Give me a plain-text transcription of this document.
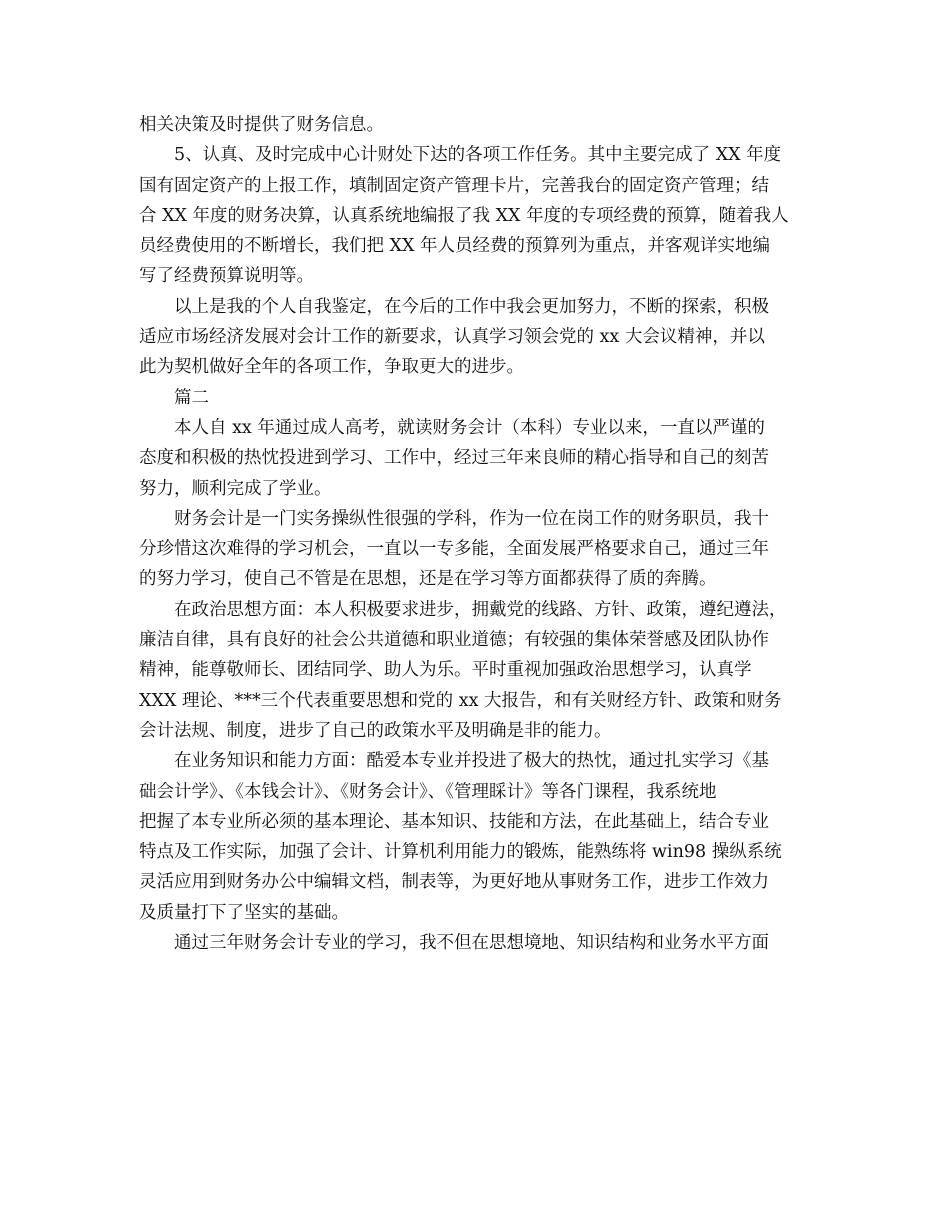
相关决策及时提供了财务信息。

5、认真、及时完成中心计财处下达的各项工作任务。其中主要完成了 XX 年度
国有固定资产的上报工作，填制固定资产管理卡片，完善我台的固定资产管理；结
合 XX 年度的财务决算，认真系统地编报了我 XX 年度的专项经费的预算，随着我人
员经费使用的不断增长，我们把 XX 年人员经费的预算列为重点，并客观详实地编
写了经费预算说明等。

以上是我的个人自我鉴定，在今后的工作中我会更加努力，不断的探索，积极
适应市场经济发展对会计工作的新要求，认真学习领会党的 xx 大会议精神，并以
此为契机做好全年的各项工作，争取更大的进步。

篇二

本人自 xx 年通过成人高考，就读财务会计（本科）专业以来，一直以严谨的
态度和积极的热忱投进到学习、工作中，经过三年来良师的精心指导和自己的刻苦
努力，顺利完成了学业。

财务会计是一门实务操纵性很强的学科，作为一位在岗工作的财务职员，我十
分珍惜这次难得的学习机会，一直以一专多能，全面发展严格要求自己，通过三年
的努力学习，使自己不管是在思想，还是在学习等方面都获得了质的奔腾。

在政治思想方面：本人积极要求进步，拥戴党的线路、方针、政策，遵纪遵法，
廉洁自律，具有良好的社会公共道德和职业道德；有较强的集体荣誉感及团队协作
精神，能尊敬师长、团结同学、助人为乐。平时重视加强政治思想学习，认真学
XXX 理论、***三个代表重要思想和党的 xx 大报告，和有关财经方针、政策和财务
会计法规、制度，进步了自己的政策水平及明确是非的能力。

在业务知识和能力方面：酷爱本专业并投进了极大的热忱，通过扎实学习《基
础会计学》、《本钱会计》、《财务会计》、《管理睬计》等各门课程，我系统地
把握了本专业所必须的基本理论、基本知识、技能和方法，在此基础上，结合专业
特点及工作实际，加强了会计、计算机利用能力的锻炼，能熟练将 win98 操纵系统
灵活应用到财务办公中编辑文档，制表等，为更好地从事财务工作，进步工作效力
及质量打下了坚实的基础。

通过三年财务会计专业的学习，我不但在思想境地、知识结构和业务水平方面
